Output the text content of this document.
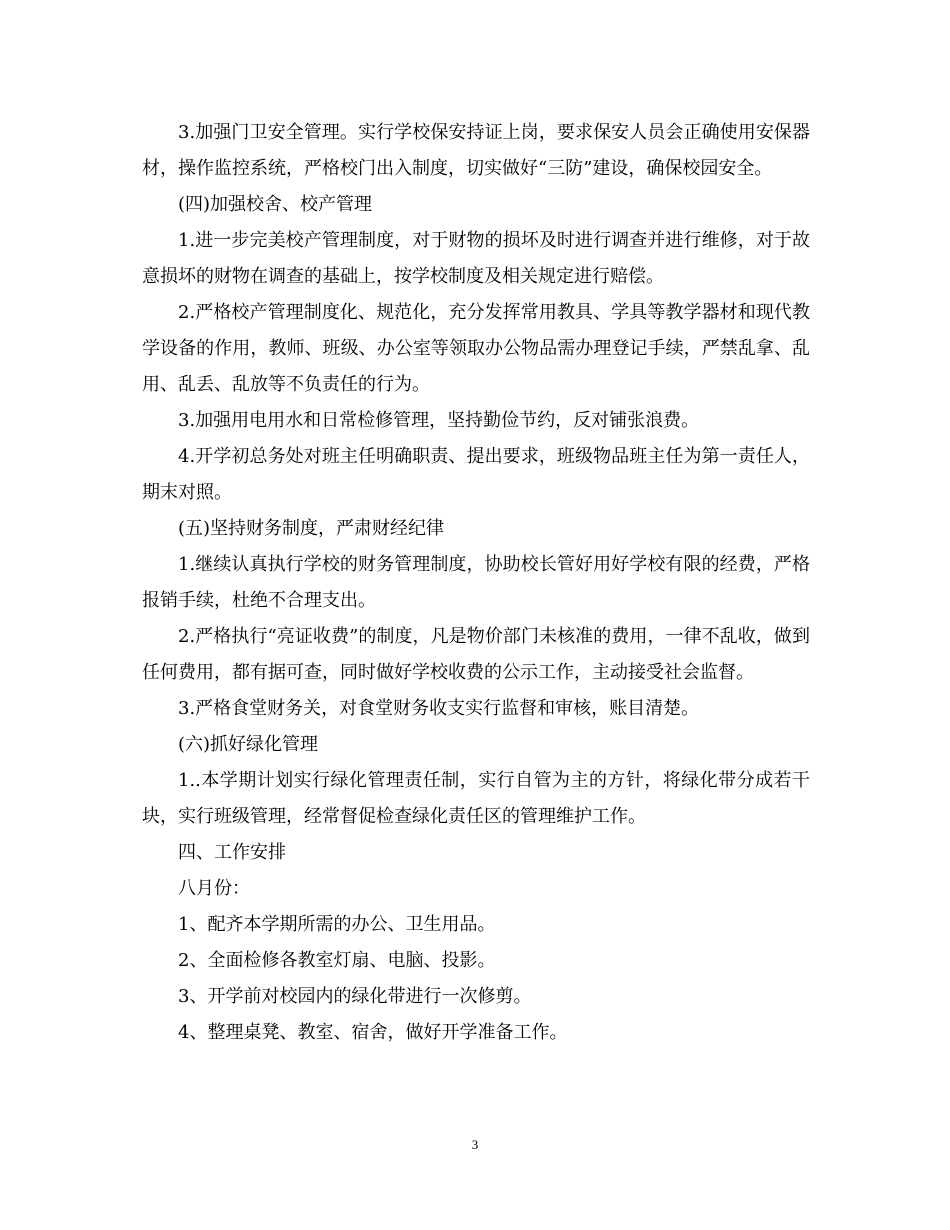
3.加强门卫安全管理。实行学校保安持证上岗，要求保安人员会正确使用安保器材，操作监控系统，严格校门出入制度，切实做好“三防”建设，确保校园安全。

(四)加强校舍、校产管理

1.进一步完美校产管理制度，对于财物的损坏及时进行调查并进行维修，对于故意损坏的财物在调查的基础上，按学校制度及相关规定进行赔偿。

2.严格校产管理制度化、规范化，充分发挥常用教具、学具等教学器材和现代教学设备的作用，教师、班级、办公室等领取办公物品需办理登记手续，严禁乱拿、乱用、乱丢、乱放等不负责任的行为。

3.加强用电用水和日常检修管理，坚持勤俭节约，反对铺张浪费。

4.开学初总务处对班主任明确职责、提出要求，班级物品班主任为第一责任人，期末对照。

(五)坚持财务制度，严肃财经纪律

1.继续认真执行学校的财务管理制度，协助校长管好用好学校有限的经费，严格报销手续，杜绝不合理支出。

2.严格执行“亮证收费”的制度，凡是物价部门未核准的费用，一律不乱收，做到任何费用，都有据可查，同时做好学校收费的公示工作，主动接受社会监督。

3.严格食堂财务关，对食堂财务收支实行监督和审核，账目清楚。

(六)抓好绿化管理

1..本学期计划实行绿化管理责任制，实行自管为主的方针，将绿化带分成若干块，实行班级管理，经常督促检查绿化责任区的管理维护工作。

四、工作安排

八月份：

1、配齐本学期所需的办公、卫生用品。

2、全面检修各教室灯扇、电脑、投影。

3、开学前对校园内的绿化带进行一次修剪。

4、整理桌凳、教室、宿舍，做好开学准备工作。

3
